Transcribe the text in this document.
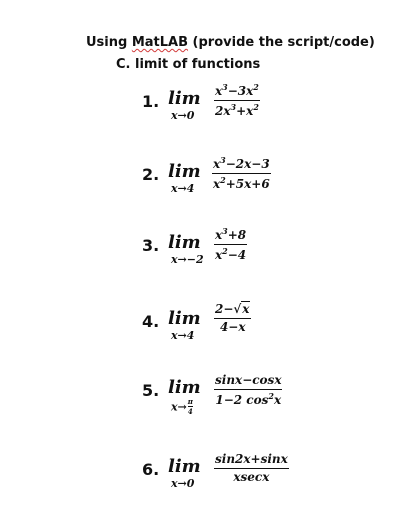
Using MatLAB (provide the script/code)
C. limit of functions
1. lim
x→0
$x^3-3x^2$
$2x^3+x^2$
2. lim
x→4
$x^3-2x-3$
$x^2+5x+6$
3. lim
x→−2
$x^3+8$
$x^2-4$
4. lim
x→4
2−√x
4−x
5. lim
$x\to \frac{\pi}{4}$
sinx−cosx
1−2 $\cos^2x$
6. lim
x→0
sin2x+sinx
xsecx
